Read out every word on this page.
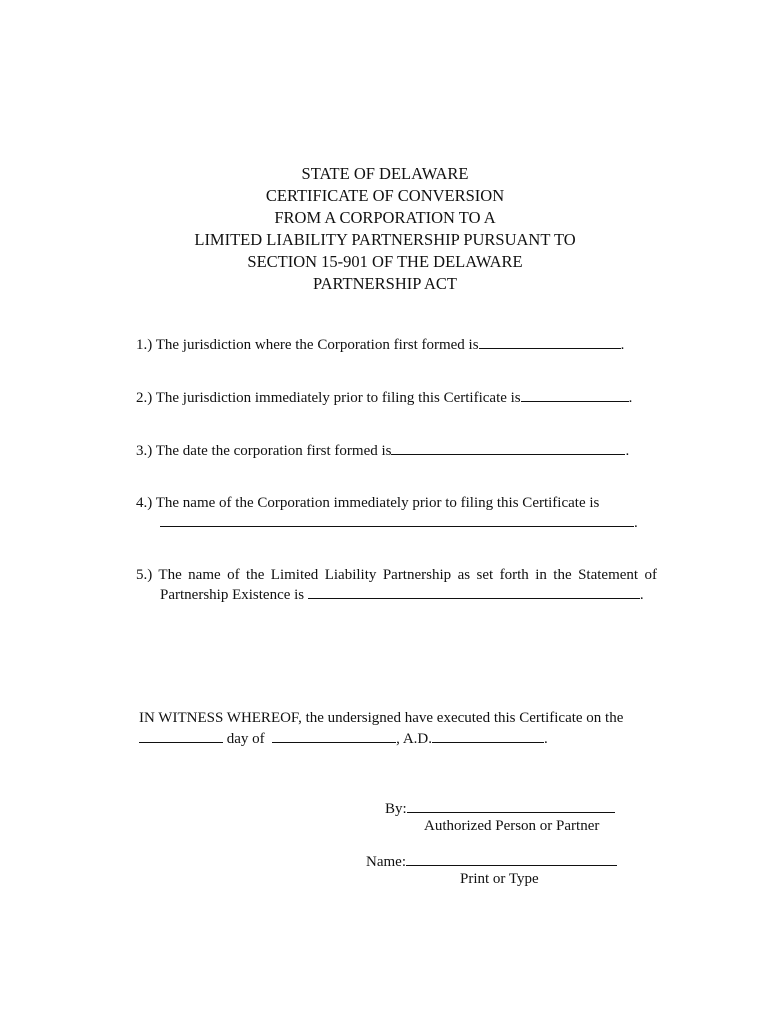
STATE OF DELAWARE
CERTIFICATE OF CONVERSION
FROM A CORPORATION TO A
LIMITED LIABILITY PARTNERSHIP PURSUANT TO
SECTION 15-901 OF THE DELAWARE
PARTNERSHIP ACT
1.) The jurisdiction where the Corporation first formed is	.
2.) The jurisdiction immediately prior to filing this Certificate is	.
3.) The date the corporation first formed is	.
4.) The name of the Corporation immediately prior to filing this Certificate is
.
5.) The name of the Limited Liability Partnership as set forth in the Statement of
Partnership Existence is	.
IN WITNESS WHEREOF, the undersigned have executed this Certificate on the
day of	, A.D.	.
By:
Authorized Person or Partner
Name:
Print or Type
